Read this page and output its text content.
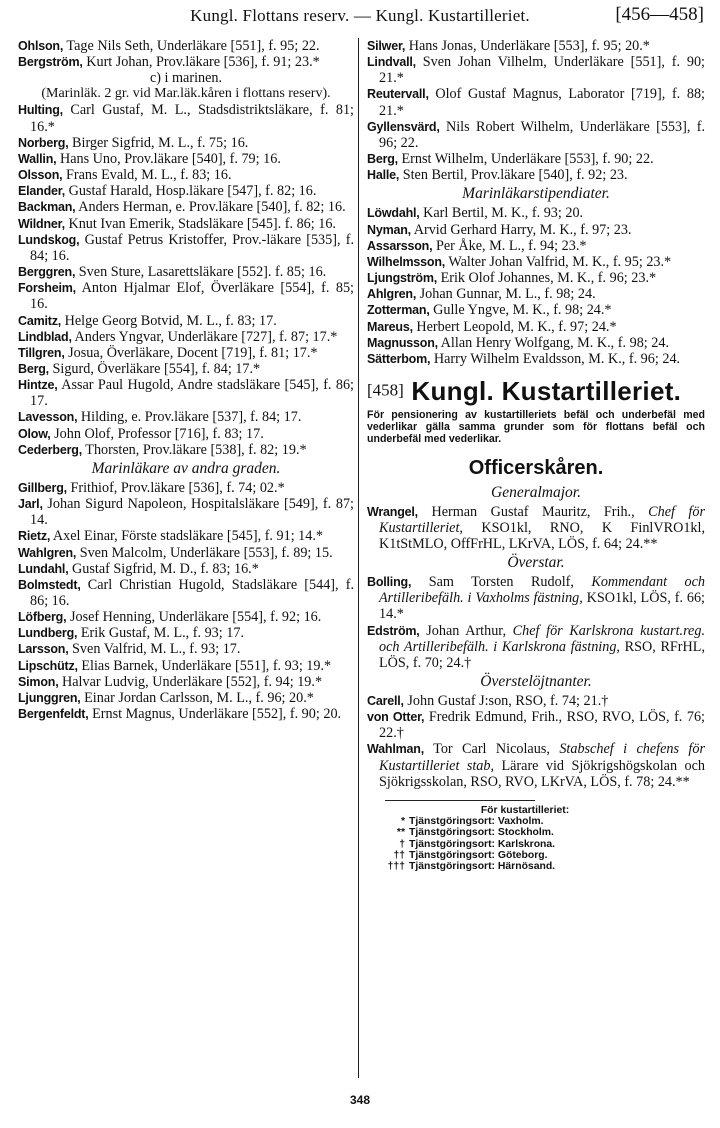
Kungl. Flottans reserv. — Kungl. Kustartilleriet.	[456—458]
Ohlson, Tage Nils Seth, Underläkare [551], f. 95; 22.
Bergström, Kurt Johan, Prov.läkare [536], f. 91; 23.*
c) i marinen.
(Marinläk. 2 gr. vid Mar.läk.kåren i flottans reserv).
Hulting, Carl Gustaf, M. L., Stadsdistriktsläkare, f. 81; 16.*
Norberg, Birger Sigfrid, M. L., f. 75; 16.
Wallin, Hans Uno, Prov.läkare [540], f. 79; 16.
Olsson, Frans Evald, M. L., f. 83; 16.
Elander, Gustaf Harald, Hosp.läkare [547], f. 82; 16.
Backman, Anders Herman, e. Prov.läkare [540], f. 82; 16.
Wildner, Knut Ivan Emerik, Stadsläkare [545]. f. 86; 16.
Lundskog, Gustaf Petrus Kristoffer, Prov.-läkare [535], f. 84; 16.
Berggren, Sven Sture, Lasarettsläkare [552]. f. 85; 16.
Forsheim, Anton Hjalmar Elof, Överläkare [554], f. 85; 16.
Camitz, Helge Georg Botvid, M. L., f. 83; 17.
Lindblad, Anders Yngvar, Underläkare [727], f. 87; 17.*
Tillgren, Josua, Överläkare, Docent [719], f. 81; 17.*
Berg, Sigurd, Överläkare [554], f. 84; 17.*
Hintze, Assar Paul Hugold, Andre stadsläkare [545], f. 86; 17.
Lavesson, Hilding, e. Prov.läkare [537], f. 84; 17.
Olow, John Olof, Professor [716], f. 83; 17.
Cederberg, Thorsten, Prov.läkare [538], f. 82; 19.*
Marinläkare av andra graden.
Gillberg, Frithiof, Prov.läkare [536], f. 74; 02.*
Jarl, Johan Sigurd Napoleon, Hospitalsläkare [549], f. 87; 14.
Rietz, Axel Einar, Förste stadsläkare [545], f. 91; 14.*
Wahlgren, Sven Malcolm, Underläkare [553], f. 89; 15.
Lundahl, Gustaf Sigfrid, M. D., f. 83; 16.*
Bolmstedt, Carl Christian Hugold, Stadsläkare [544], f. 86; 16.
Löfberg, Josef Henning, Underläkare [554], f. 92; 16.
Lundberg, Erik Gustaf, M. L., f. 93; 17.
Larsson, Sven Valfrid, M. L., f. 93; 17.
Lipschütz, Elias Barnek, Underläkare [551], f. 93; 19.*
Simon, Halvar Ludvig, Underläkare [552], f. 94; 19.*
Ljunggren, Einar Jordan Carlsson, M. L., f. 96; 20.*
Bergenfeldt, Ernst Magnus, Underläkare [552], f. 90; 20.
Silwer, Hans Jonas, Underläkare [553], f. 95; 20.*
Lindvall, Sven Johan Vilhelm, Underläkare [551], f. 90; 21.*
Reutervall, Olof Gustaf Magnus, Laborator [719], f. 88; 21.*
Gyllensvärd, Nils Robert Wilhelm, Underläkare [553], f. 96; 22.
Berg, Ernst Wilhelm, Underläkare [553], f. 90; 22.
Halle, Sten Bertil, Prov.läkare [540], f. 92; 23.
Marinläkarstipendiater.
Löwdahl, Karl Bertil, M. K., f. 93; 20.
Nyman, Arvid Gerhard Harry, M. K., f. 97; 23.
Assarsson, Per Åke, M. L., f. 94; 23.*
Wilhelmsson, Walter Johan Valfrid, M. K., f. 95; 23.*
Ljungström, Erik Olof Johannes, M. K., f. 96; 23.*
Ahlgren, Johan Gunnar, M. L., f. 98; 24.
Zotterman, Gulle Yngve, M. K., f. 98; 24.*
Mareus, Herbert Leopold, M. K., f. 97; 24.*
Magnusson, Allan Henry Wolfgang, M. K., f. 98; 24.
Sätterbom, Harry Wilhelm Evaldsson, M. K., f. 96; 24.
[458] Kungl. Kustartilleriet.
För pensionering av kustartilleriets befäl och underbefäl med vederlikar gälla samma grunder som för flottans befäl och underbefäl med vederlikar.
Officerskåren.
Generalmajor.
Wrangel, Herman Gustaf Mauritz, Frih., Chef för Kustartilleriet, KSO1kl, RNO, K FinlVRO1kl, K1tStMLO, OffFrHL, LKrVA, LÖS, f. 64; 24.**
Överstar.
Bolling, Sam Torsten Rudolf, Kommendant och Artilleribefälh. i Vaxholms fästning, KSO1kl, LÖS, f. 66; 14.*
Edström, Johan Arthur, Chef för Karlskrona kustart.reg. och Artilleribefälh. i Karlskrona fästning, RSO, RFrHL, LÖS, f. 70; 24.†
Överstelöjtnanter.
Carell, John Gustaf J:son, RSO, f. 74; 21.†
von Otter, Fredrik Edmund, Frih., RSO, RVO, LÖS, f. 76; 22.†
Wahlman, Tor Carl Nicolaus, Stabschef i chefens för Kustartilleriet stab, Lärare vid Sjökrigshögskolan och Sjökrigsskolan, RSO, RVO, LKrVA, LÖS, f. 78; 24.**
För kustartilleriet:
* Tjänstgöringsort: Vaxholm.
** Tjänstgöringsort: Stockholm.
† Tjänstgöringsort: Karlskrona.
†† Tjänstgöringsort: Göteborg.
††† Tjänstgöringsort: Härnösand.
348
